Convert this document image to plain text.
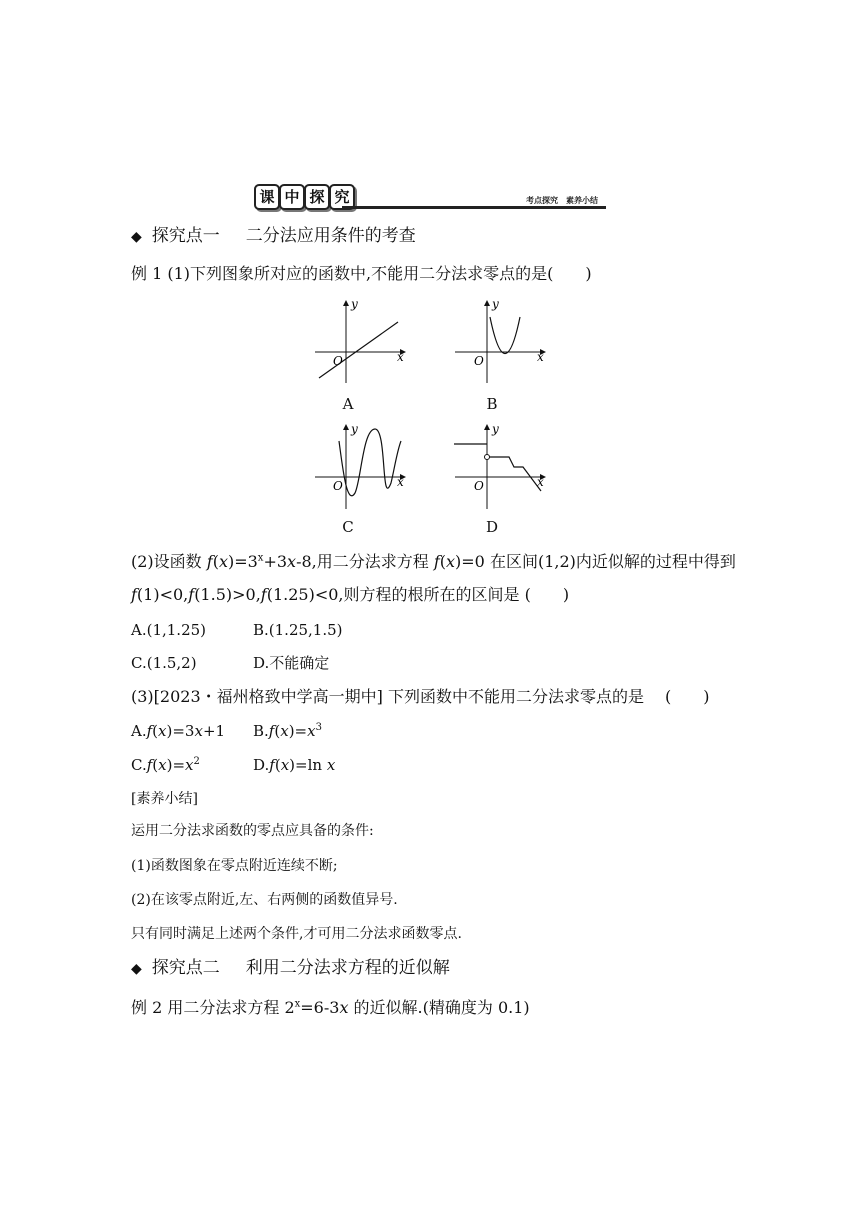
课 中 探 究	考点探究　素养小结
◆ 探究点一 二分法应用条件的考查
例 1 (1)下列图象所对应的函数中,不能用二分法求零点的是(　　)
y
x
O
A
y
x
O
B
y
x
O
C
y
x
O
D
(2)设函数 $f(x)=3^x+3x-8$,用二分法求方程 f(x)=0 在区间(1,2)内近似解的过程中得到
f(1)<0,f(1.5)>0,f(1.25)<0,则方程的根所在的区间是 (　　)
A.(1,1.25)	B.(1.25,1.5)
C.(1.5,2)	D.不能确定
(3)[2023・福州格致中学高一期中] 下列函数中不能用二分法求零点的是　 (　　)
A.f(x)=3x+1 $B.f(x)=x^3$
$C.f(x)=x^2$	D.f(x)=ln x
[素养小结]
运用二分法求函数的零点应具备的条件:
(1)函数图象在零点附近连续不断;
(2)在该零点附近,左、右两侧的函数值异号.
只有同时满足上述两个条件,才可用二分法求函数零点.
◆ 探究点二 利用二分法求方程的近似解
例 2 用二分法求方程 $2^x=6-3x$ 的近似解.(精确度为 0.1)
